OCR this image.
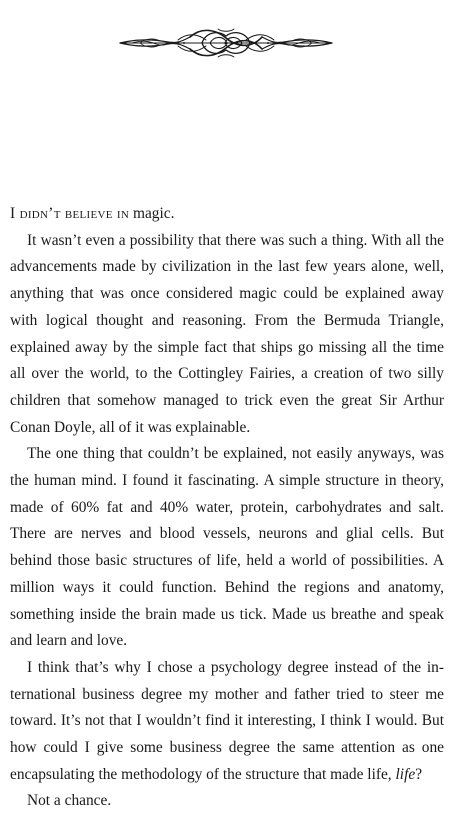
I didn’t believe in magic.

It wasn’t even a possibility that there was such a thing. With all the advancements made by civilization in the last few years alone, well, anything that was once considered magic could be explained away with logical thought and reasoning. From the Bermuda Triangle, explained away by the simple fact that ships go missing all the time all over the world, to the Cottingley Fairies, a creation of two silly children that somehow managed to trick even the great Sir Arthur Conan Doyle, all of it was explainable.

The one thing that couldn’t be explained, not easily anyways, was the human mind. I found it fascinating. A simple structure in theory, made of 60% fat and 40% water, protein, carbohydrates and salt. There are nerves and blood vessels, neurons and glial cells. But behind those basic structures of life, held a world of possibilities. A million ways it could function. Behind the regions and anatomy, something inside the brain made us tick. Made us breathe and speak and learn and love.

I think that’s why I chose a psychology degree instead of the international business degree my mother and father tried to steer me toward. It’s not that I wouldn’t find it interesting, I think I would. But how could I give some business degree the same attention as one encapsulating the methodology of the structure that made life, life?

Not a chance.
